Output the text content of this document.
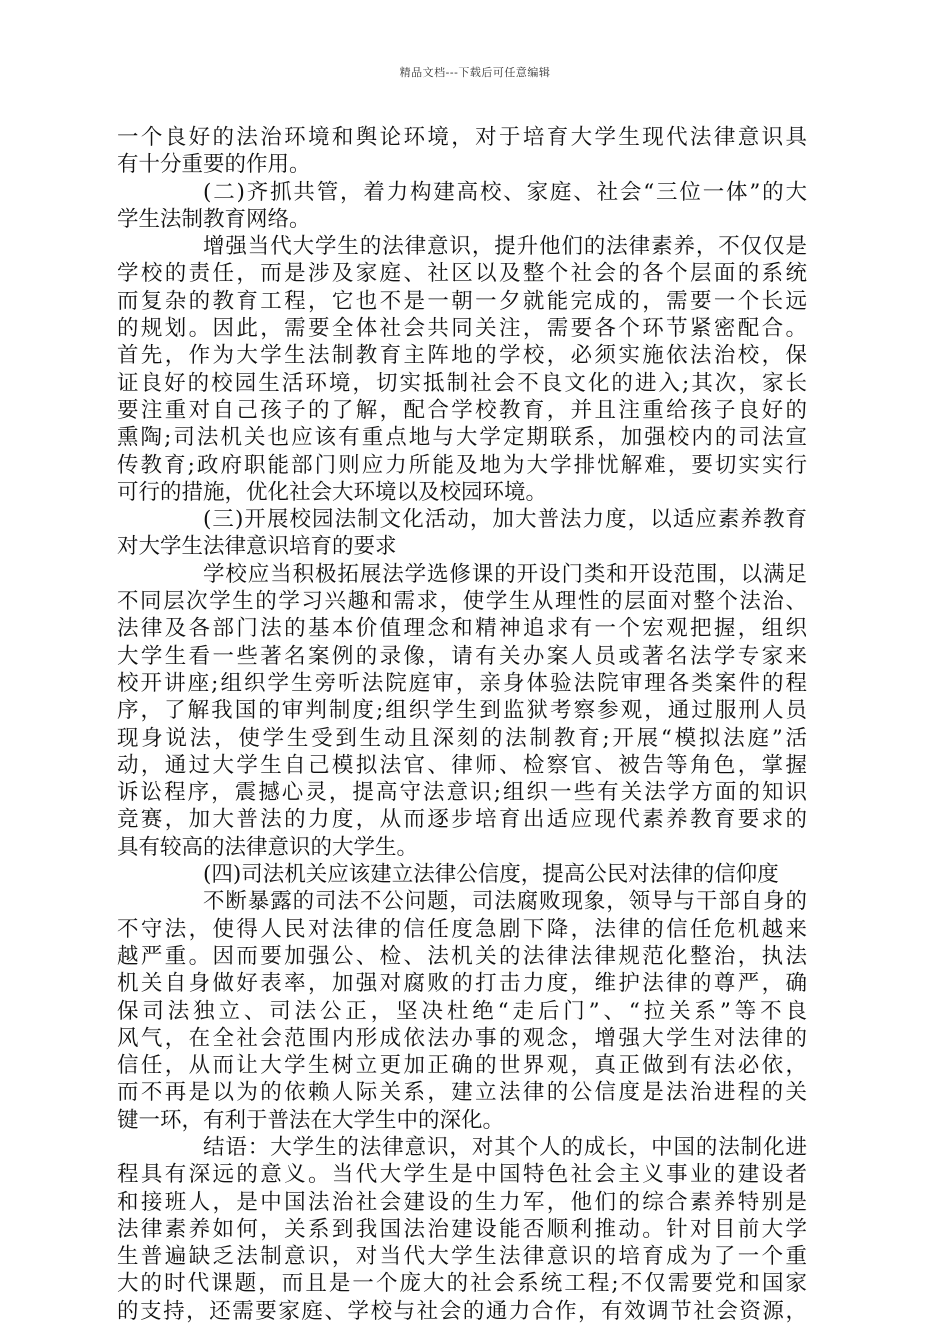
精品文档---下载后可任意编辑
一个良好的法治环境和舆论环境，对于培育大学生现代法律意识具
有十分重要的作用。
(二)齐抓共管，着力构建高校、家庭、社会“三位一体”的大
学生法制教育网络。
增强当代大学生的法律意识，提升他们的法律素养，不仅仅是
学校的责任，而是涉及家庭、社区以及整个社会的各个层面的系统
而复杂的教育工程，它也不是一朝一夕就能完成的，需要一个长远
的规划。因此，需要全体社会共同关注，需要各个环节紧密配合。
首先，作为大学生法制教育主阵地的学校，必须实施依法治校，保
证良好的校园生活环境，切实抵制社会不良文化的进入;其次，家长
要注重对自己孩子的了解，配合学校教育，并且注重给孩子良好的
熏陶;司法机关也应该有重点地与大学定期联系，加强校内的司法宣
传教育;政府职能部门则应力所能及地为大学排忧解难，要切实实行
可行的措施，优化社会大环境以及校园环境。
(三)开展校园法制文化活动，加大普法力度，以适应素养教育
对大学生法律意识培育的要求
学校应当积极拓展法学选修课的开设门类和开设范围，以满足
不同层次学生的学习兴趣和需求，使学生从理性的层面对整个法治、
法律及各部门法的基本价值理念和精神追求有一个宏观把握，组织
大学生看一些著名案例的录像，请有关办案人员或著名法学专家来
校开讲座;组织学生旁听法院庭审，亲身体验法院审理各类案件的程
序，了解我国的审判制度;组织学生到监狱考察参观，通过服刑人员
现身说法，使学生受到生动且深刻的法制教育;开展“模拟法庭”活
动，通过大学生自己模拟法官、律师、检察官、被告等角色，掌握
诉讼程序，震撼心灵，提高守法意识;组织一些有关法学方面的知识
竞赛，加大普法的力度，从而逐步培育出适应现代素养教育要求的
具有较高的法律意识的大学生。
(四)司法机关应该建立法律公信度，提高公民对法律的信仰度
不断暴露的司法不公问题，司法腐败现象，领导与干部自身的
不守法，使得人民对法律的信任度急剧下降，法律的信任危机越来
越严重。因而要加强公、检、法机关的法律法律规范化整治，执法
机关自身做好表率，加强对腐败的打击力度，维护法律的尊严，确
保司法独立、司法公正，坚决杜绝“走后门”、“拉关系”等不良
风气，在全社会范围内形成依法办事的观念，增强大学生对法律的
信任，从而让大学生树立更加正确的世界观，真正做到有法必依，
而不再是以为的依赖人际关系，建立法律的公信度是法治进程的关
键一环，有利于普法在大学生中的深化。
结语：大学生的法律意识，对其个人的成长，中国的法制化进
程具有深远的意义。当代大学生是中国特色社会主义事业的建设者
和接班人，是中国法治社会建设的生力军，他们的综合素养特别是
法律素养如何，关系到我国法治建设能否顺利推动。针对目前大学
生普遍缺乏法制意识，对当代大学生法律意识的培育成为了一个重
大的时代课题，而且是一个庞大的社会系统工程;不仅需要党和国家
的支持，还需要家庭、学校与社会的通力合作，有效调节社会资源，
